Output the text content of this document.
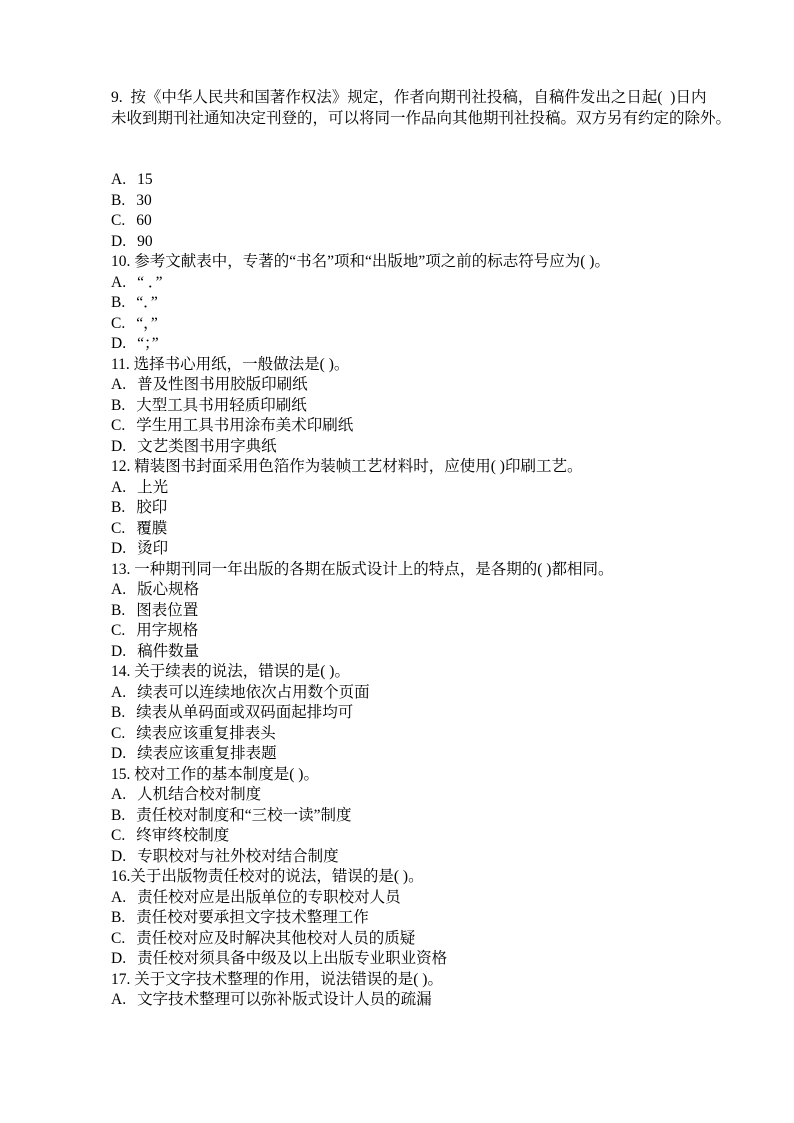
9.  按《中华人民共和国著作权法》规定，作者向期刊社投稿，自稿件发出之日起(  )日内
未收到期刊社通知决定刊登的，可以将同一作品向其他期刊社投稿。双方另有约定的除外。
A. 15
B. 30
C. 60
D. 90
10. 参考文献表中，专著的“书名”项和“出版地”项之前的标志符号应为( )。
A. “ ．”
B. “．”
C. “，”
D. “；”
11. 选择书心用纸，一般做法是( )。
A. 普及性图书用胶版印刷纸
B. 大型工具书用轻质印刷纸
C. 学生用工具书用涂布美术印刷纸
D. 文艺类图书用字典纸
12. 精装图书封面采用色箔作为装帧工艺材料时，应使用( )印刷工艺。
A. 上光
B. 胶印
C. 覆膜
D. 烫印
13. 一种期刊同一年出版的各期在版式设计上的特点，是各期的( )都相同。
A. 版心规格
B. 图表位置
C. 用字规格
D. 稿件数量
14. 关于续表的说法，错误的是( )。
A. 续表可以连续地依次占用数个页面
B. 续表从单码面或双码面起排均可
C. 续表应该重复排表头
D. 续表应该重复排表题
15. 校对工作的基本制度是( )。
A. 人机结合校对制度
B. 责任校对制度和“三校一读”制度
C. 终审终校制度
D. 专职校对与社外校对结合制度
16.关于出版物责任校对的说法，错误的是( )。
A. 责任校对应是出版单位的专职校对人员
B. 责任校对要承担文字技术整理工作
C. 责任校对应及时解决其他校对人员的质疑
D. 责任校对须具备中级及以上出版专业职业资格
17. 关于文字技术整理的作用，说法错误的是( )。
A. 文字技术整理可以弥补版式设计人员的疏漏
